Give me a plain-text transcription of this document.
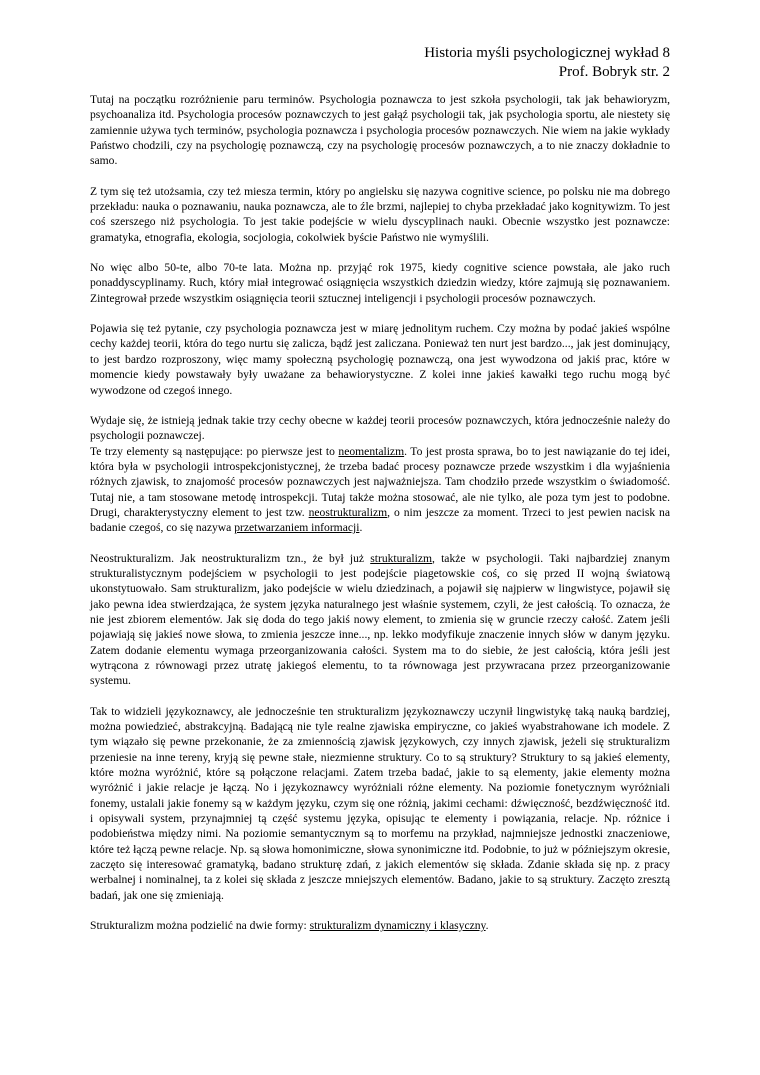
Historia myśli psychologicznej wykład 8
Prof. Bobryk str. 2

Tutaj na początku rozróżnienie paru terminów. Psychologia poznawcza to jest szkoła psychologii, tak jak behawioryzm, psychoanaliza itd. Psychologia procesów poznawczych to jest gałąź psychologii tak, jak psychologia sportu, ale niestety się zamiennie używa tych terminów, psychologia poznawcza i psychologia procesów poznawczych. Nie wiem na jakie wykłady Państwo chodzili, czy na psychologię poznawczą, czy na psychologię procesów poznawczych, a to nie znaczy dokładnie to samo.

Z tym się też utożsamia, czy też miesza termin, który po angielsku się nazywa cognitive science, po polsku nie ma dobrego przekładu: nauka o poznawaniu, nauka poznawcza, ale to źle brzmi, najlepiej to chyba przekładać jako kognitywizm. To jest coś szerszego niż psychologia. To jest takie podejście w wielu dyscyplinach nauki. Obecnie wszystko jest poznawcze: gramatyka, etnografia, ekologia, socjologia, cokolwiek byście Państwo nie wymyślili.

No więc albo 50-te, albo 70-te lata. Można np. przyjąć rok 1975, kiedy cognitive science powstała, ale jako ruch ponaddyscyplinamy. Ruch, który miał integrować osiągnięcia wszystkich dziedzin wiedzy, które zajmują się poznawaniem. Zintegrował przede wszystkim osiągnięcia teorii sztucznej inteligencji i psychologii procesów poznawczych.

Pojawia się też pytanie, czy psychologia poznawcza jest w miarę jednolitym ruchem. Czy można by podać jakieś wspólne cechy każdej teorii, która do tego nurtu się zalicza, bądź jest zaliczana. Ponieważ ten nurt jest bardzo..., jak jest dominujący, to jest bardzo rozproszony, więc mamy społeczną psychologię poznawczą, ona jest wywodzona od jakiś prac, które w momencie kiedy powstawały były uważane za behawiorystyczne. Z kolei inne jakieś kawałki tego ruchu mogą być wywodzone od czegoś innego.

Wydaje się, że istnieją jednak takie trzy cechy obecne w każdej teorii procesów poznawczych, która jednocześnie należy do psychologii poznawczej.

Te trzy elementy są następujące: po pierwsze jest to neomentalizm. To jest prosta sprawa, bo to jest nawiązanie do tej idei, która była w psychologii introspekcjonistycznej, że trzeba badać procesy poznawcze przede wszystkim i dla wyjaśnienia różnych zjawisk, to znajomość procesów poznawczych jest najważniejsza. Tam chodziło przede wszystkim o świadomość. Tutaj nie, a tam stosowane metodę introspekcji. Tutaj także można stosować, ale nie tylko, ale poza tym jest to podobne. Drugi, charakterystyczny element to jest tzw. neostrukturalizm, o nim jeszcze za moment. Trzeci to jest pewien nacisk na badanie czegoś, co się nazywa przetwarzaniem informacji.

Neostrukturalizm. Jak neostrukturalizm tzn., że był już strukturalizm, także w psychologii. Taki najbardziej znanym strukturalistycznym podejściem w psychologii to jest podejście piagetowskie coś, co się przed II wojną światową ukonstytuowało. Sam strukturalizm, jako podejście w wielu dziedzinach, a pojawił się najpierw w lingwistyce, pojawił się jako pewna idea stwierdzająca, że system języka naturalnego jest właśnie systemem, czyli, że jest całością. To oznacza, że nie jest zbiorem elementów. Jak się doda do tego jakiś nowy element, to zmienia się w gruncie rzeczy całość. Zatem jeśli pojawiają się jakieś nowe słowa, to zmienia jeszcze inne..., np. lekko modyfikuje znaczenie innych słów w danym języku. Zatem dodanie elementu wymaga przeorganizowania całości. System ma to do siebie, że jest całością, która jeśli jest wytrącona z równowagi przez utratę jakiegoś elementu, to ta równowaga jest przywracana przez przeorganizowanie systemu.

Tak to widzieli językoznawcy, ale jednocześnie ten strukturalizm językoznawczy uczynił lingwistykę taką nauką bardziej, można powiedzieć, abstrakcyjną. Badającą nie tyle realne zjawiska empiryczne, co jakieś wyabstrahowane ich modele. Z tym wiązało się pewne przekonanie, że za zmiennością zjawisk językowych, czy innych zjawisk, jeżeli się strukturalizm przeniesie na inne tereny, kryją się pewne stałe, niezmienne struktury. Co to są struktury? Struktury to są jakieś elementy, które można wyróżnić, które są połączone relacjami. Zatem trzeba badać, jakie to są elementy, jakie elementy można wyróżnić i jakie relacje je łączą. No i językoznawcy wyróżniali różne elementy. Na poziomie fonetycznym wyróżniali fonemy, ustalali jakie fonemy są w każdym języku, czym się one różnią, jakimi cechami: dźwięczność, bezdźwięczność itd. i opisywali system, przynajmniej tą część systemu języka, opisując te elementy i powiązania, relacje. Np. różnice i podobieństwa między nimi. Na poziomie semantycznym są to morfemu na przykład, najmniejsze jednostki znaczeniowe, które też łączą pewne relacje. Np. są słowa homonimiczne, słowa synonimiczne itd. Podobnie, to już w późniejszym okresie, zaczęto się interesować gramatyką, badano strukturę zdań, z jakich elementów się składa. Zdanie składa się np. z pracy werbalnej i nominalnej, ta z kolei się składa z jeszcze mniejszych elementów. Badano, jakie to są struktury. Zaczęto zresztą badań, jak one się zmieniają.

Strukturalizm można podzielić na dwie formy: strukturalizm dynamiczny i klasyczny.
